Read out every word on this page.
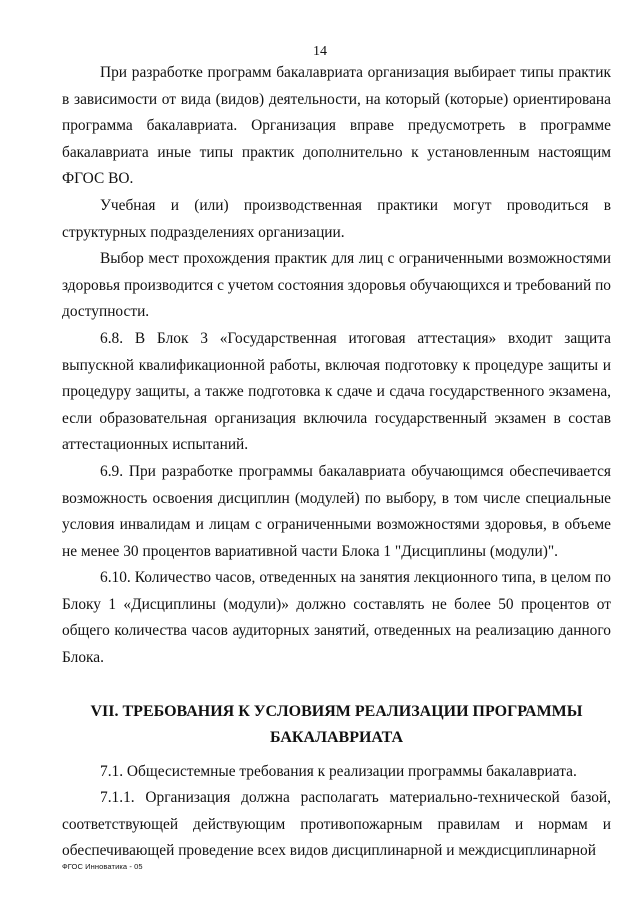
14

При разработке программ бакалавриата организация выбирает типы практик в зависимости от вида (видов) деятельности, на который (которые) ориентирована программа бакалавриата. Организация вправе предусмотреть в программе бакалавриата иные типы практик дополнительно к установленным настоящим ФГОС ВО.

Учебная и (или) производственная практики могут проводиться в структурных подразделениях организации.

Выбор мест прохождения практик для лиц с ограниченными возможностями здоровья производится с учетом состояния здоровья обучающихся и требований по доступности.

6.8. В Блок 3 «Государственная итоговая аттестация» входит защита выпускной квалификационной работы, включая подготовку к процедуре защиты и процедуру защиты, а также подготовка к сдаче и сдача государственного экзамена, если образовательная организация включила государственный экзамен в состав аттестационных испытаний.

6.9. При разработке программы бакалавриата обучающимся обеспечивается возможность освоения дисциплин (модулей) по выбору, в том числе специальные условия инвалидам и лицам с ограниченными возможностями здоровья, в объеме не менее 30 процентов вариативной части Блока 1 "Дисциплины (модули)".

6.10. Количество часов, отведенных на занятия лекционного типа, в целом по Блоку 1 «Дисциплины (модули)» должно составлять не более 50 процентов от общего количества часов аудиторных занятий, отведенных на реализацию данного Блока.

VII. ТРЕБОВАНИЯ К УСЛОВИЯМ РЕАЛИЗАЦИИ ПРОГРАММЫ
БАКАЛАВРИАТА

7.1. Общесистемные требования к реализации программы бакалавриата.

7.1.1. Организация должна располагать материально-технической базой, соответствующей действующим противопожарным правилам и нормам и обеспечивающей проведение всех видов дисциплинарной и междисциплинарной

ФГОС Инноватика - 05
